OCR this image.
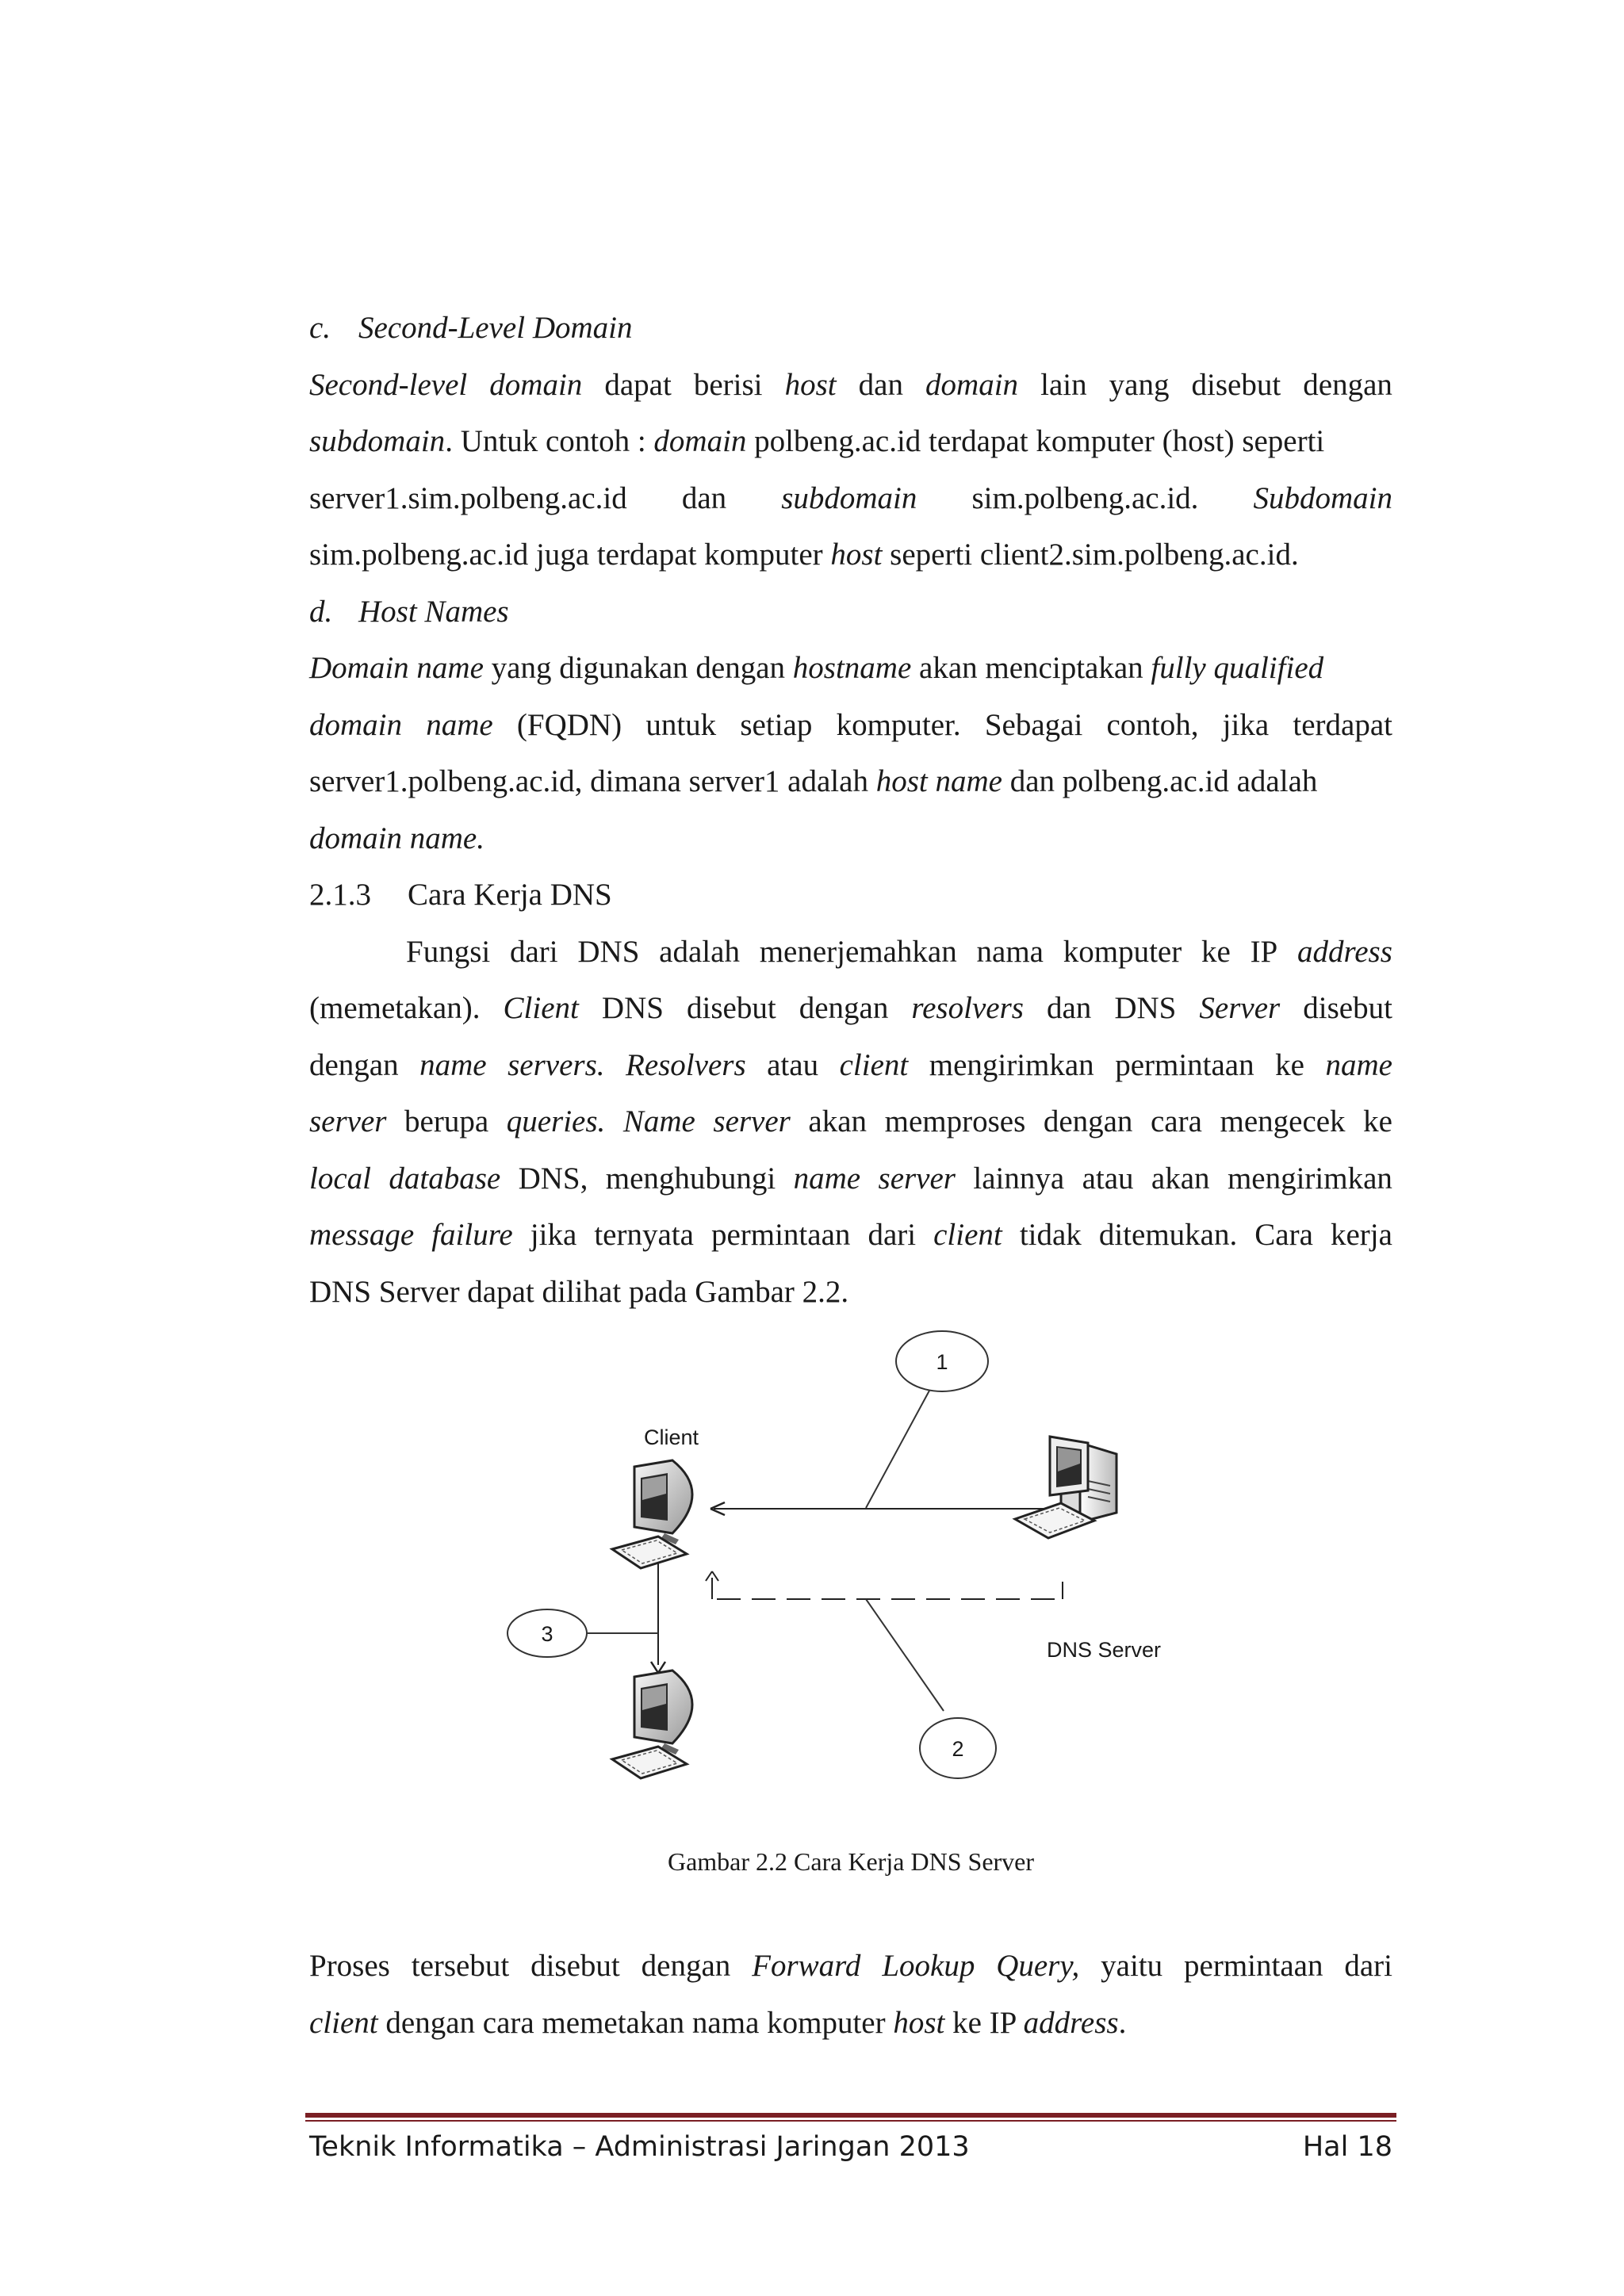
c. Second-Level Domain
Second-level domain dapat berisi host dan domain lain yang disebut dengan
subdomain. Untuk contoh : domain polbeng.ac.id terdapat komputer (host) seperti
server1.sim.polbeng.ac.id dan subdomain sim.polbeng.ac.id. Subdomain
sim.polbeng.ac.id juga terdapat komputer host seperti client2.sim.polbeng.ac.id.
d. Host Names
Domain name yang digunakan dengan hostname akan menciptakan fully qualified
domain name (FQDN) untuk setiap komputer. Sebagai contoh, jika terdapat
server1.polbeng.ac.id, dimana server1 adalah host name dan polbeng.ac.id adalah
domain name.
2.1.3 Cara Kerja DNS
Fungsi dari DNS adalah menerjemahkan nama komputer ke IP address
(memetakan). Client DNS disebut dengan resolvers dan DNS Server disebut
dengan name servers. Resolvers atau client mengirimkan permintaan ke name
server berupa queries. Name server akan memproses dengan cara mengecek ke
local database DNS, menghubungi name server lainnya atau akan mengirimkan
message failure jika ternyata permintaan dari client tidak ditemukan. Cara kerja
DNS Server dapat dilihat pada Gambar 2.2.
1
Client
2
DNS Server
3
Gambar 2.2 Cara Kerja DNS Server
Proses tersebut disebut dengan Forward Lookup Query, yaitu permintaan dari
client dengan cara memetakan nama komputer host ke IP address.
Teknik Informatika – Administrasi Jaringan 2013	Hal 18
